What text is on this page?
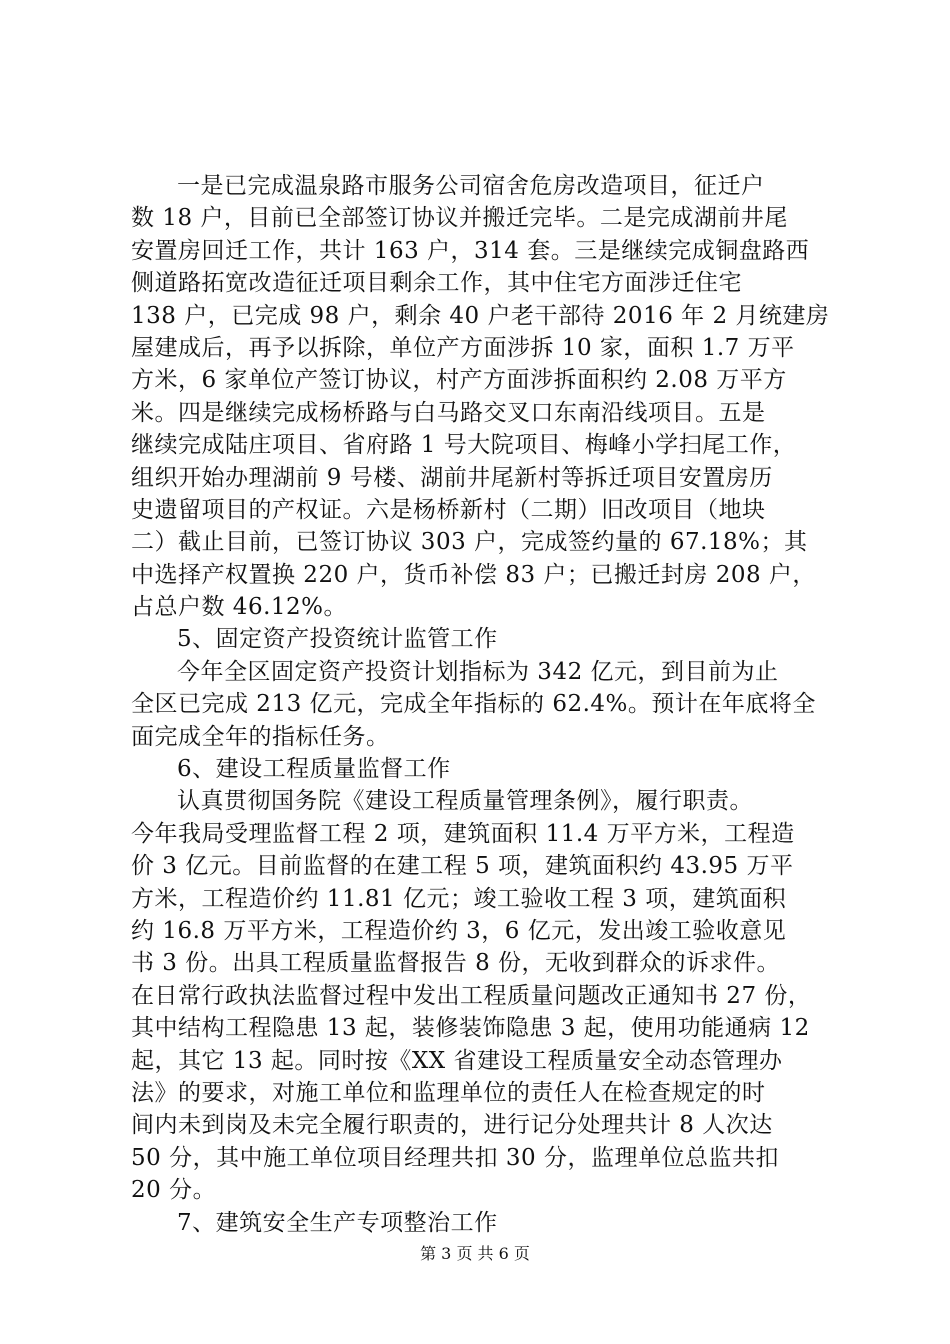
一是已完成温泉路市服务公司宿舍危房改造项目，征迁户
数 18 户，目前已全部签订协议并搬迁完毕。二是完成湖前井尾
安置房回迁工作，共计 163 户，314 套。三是继续完成铜盘路西
侧道路拓宽改造征迁项目剩余工作，其中住宅方面涉迁住宅
138 户，已完成 98 户，剩余 40 户老干部待 2016 年 2 月统建房
屋建成后，再予以拆除，单位产方面涉拆 10 家，面积 1.7 万平
方米，6 家单位产签订协议，村产方面涉拆面积约 2.08 万平方
米。四是继续完成杨桥路与白马路交叉口东南沿线项目。五是
继续完成陆庄项目、省府路 1 号大院项目、梅峰小学扫尾工作，
组织开始办理湖前 9 号楼、湖前井尾新村等拆迁项目安置房历
史遗留项目的产权证。六是杨桥新村（二期）旧改项目（地块
二）截止目前，已签订协议 303 户，完成签约量的 67.18%；其
中选择产权置换 220 户，货币补偿 83 户；已搬迁封房 208 户，
占总户数 46.12%。
5、固定资产投资统计监管工作
今年全区固定资产投资计划指标为 342 亿元，到目前为止
全区已完成 213 亿元，完成全年指标的 62.4%。预计在年底将全
面完成全年的指标任务。
6、建设工程质量监督工作
认真贯彻国务院《建设工程质量管理条例》，履行职责。
今年我局受理监督工程 2 项，建筑面积 11.4 万平方米，工程造
价 3 亿元。目前监督的在建工程 5 项，建筑面积约 43.95 万平
方米，工程造价约 11.81 亿元；竣工验收工程 3 项，建筑面积
约 16.8 万平方米，工程造价约 3，6 亿元，发出竣工验收意见
书 3 份。出具工程质量监督报告 8 份，无收到群众的诉求件。
在日常行政执法监督过程中发出工程质量问题改正通知书 27 份，
其中结构工程隐患 13 起，装修装饰隐患 3 起，使用功能通病 12
起，其它 13 起。同时按《XX 省建设工程质量安全动态管理办
法》的要求，对施工单位和监理单位的责任人在检查规定的时
间内未到岗及未完全履行职责的，进行记分处理共计 8 人次达
50 分，其中施工单位项目经理共扣 30 分，监理单位总监共扣
20 分。
7、建筑安全生产专项整治工作
第 3 页 共 6 页
